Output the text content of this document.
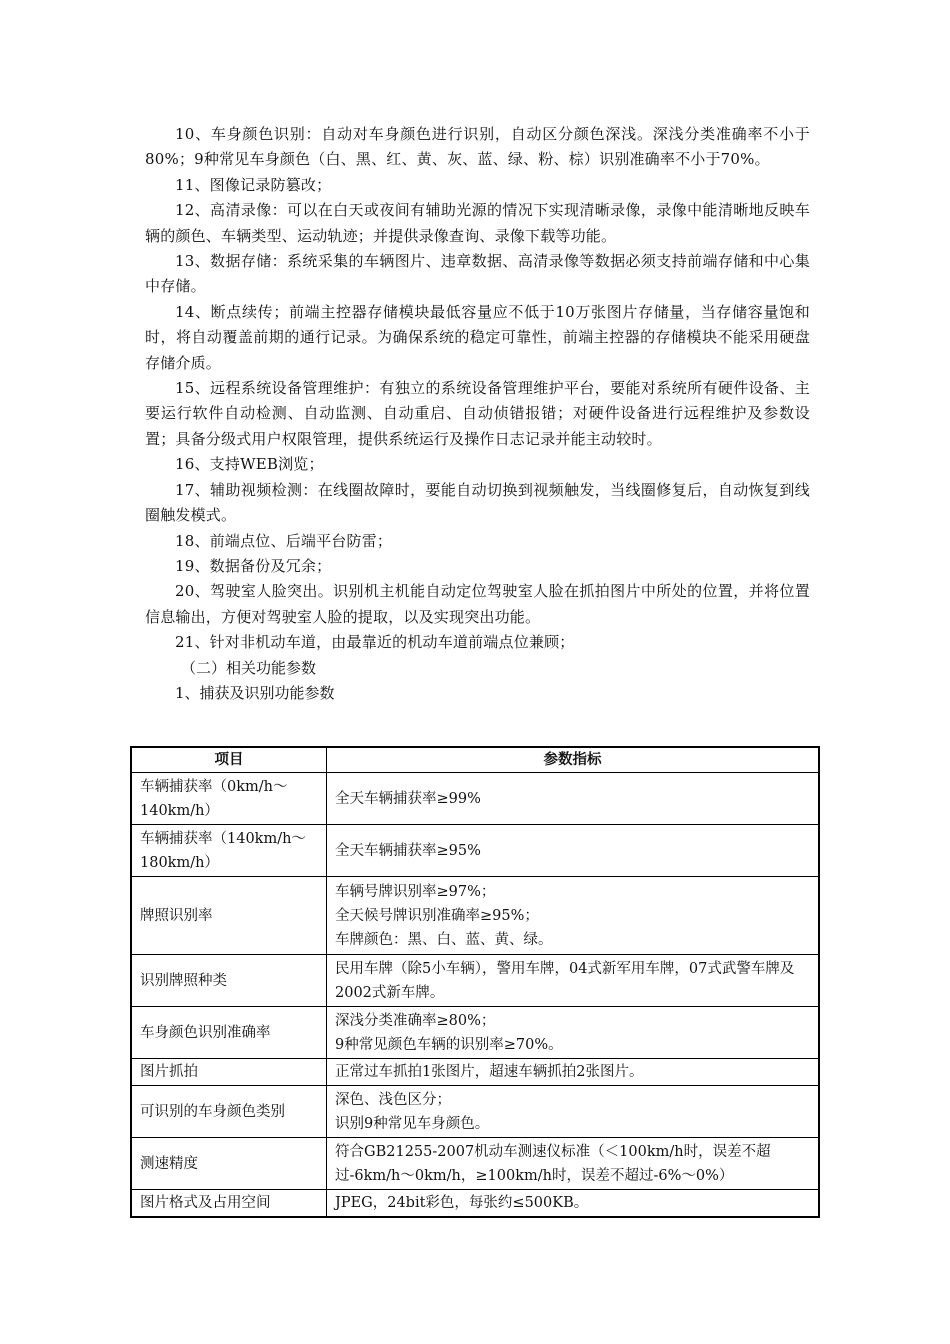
10、车身颜色识别：自动对车身颜色进行识别，自动区分颜色深浅。深浅分类准确率不小于80%；9种常见车身颜色（白、黑、红、黄、灰、蓝、绿、粉、棕）识别准确率不小于70%。

11、图像记录防篡改；

12、高清录像：可以在白天或夜间有辅助光源的情况下实现清晰录像，录像中能清晰地反映车辆的颜色、车辆类型、运动轨迹；并提供录像查询、录像下载等功能。

13、数据存储：系统采集的车辆图片、违章数据、高清录像等数据必须支持前端存储和中心集中存储。

14、断点续传；前端主控器存储模块最低容量应不低于10万张图片存储量，当存储容量饱和时，将自动覆盖前期的通行记录。为确保系统的稳定可靠性，前端主控器的存储模块不能采用硬盘存储介质。

15、远程系统设备管理维护：有独立的系统设备管理维护平台，要能对系统所有硬件设备、主要运行软件自动检测、自动监测、自动重启、自动侦错报错；对硬件设备进行远程维护及参数设置；具备分级式用户权限管理，提供系统运行及操作日志记录并能主动较时。

16、支持WEB浏览；

17、辅助视频检测：在线圈故障时，要能自动切换到视频触发，当线圈修复后，自动恢复到线圈触发模式。

18、前端点位、后端平台防雷；

19、数据备份及冗余；

20、驾驶室人脸突出。识别机主机能自动定位驾驶室人脸在抓拍图片中所处的位置，并将位置信息输出，方便对驾驶室人脸的提取，以及实现突出功能。

21、针对非机动车道，由最靠近的机动车道前端点位兼顾；

（二）相关功能参数

1、捕获及识别功能参数

项目	参数指标
车辆捕获率（0km/h～140km/h）	全天车辆捕获率≥99%

车辆捕获率（140km/h～180km/h）	全天车辆捕获率≥95%

牌照识别率	车辆号牌识别率≥97%；
全天候号牌识别准确率≥95%；
车牌颜色：黑、白、蓝、黄、绿。

识别牌照种类	民用车牌（除5小车辆），警用车牌，04式新军用车牌，07式武警车牌及2002式新车牌。

车身颜色识别准确率	深浅分类准确率≥80%；
9种常见颜色车辆的识别率≥70%。

图片抓拍	正常过车抓拍1张图片，超速车辆抓拍2张图片。

可识别的车身颜色类别	深色、浅色区分；
识别9种常见车身颜色。

测速精度	符合GB21255-2007机动车测速仪标准（＜100km/h时，误差不超过-6km/h～0km/h，≥100km/h时，误差不超过-6%～0%）

图片格式及占用空间	JPEG，24bit彩色，每张约≤500KB。
